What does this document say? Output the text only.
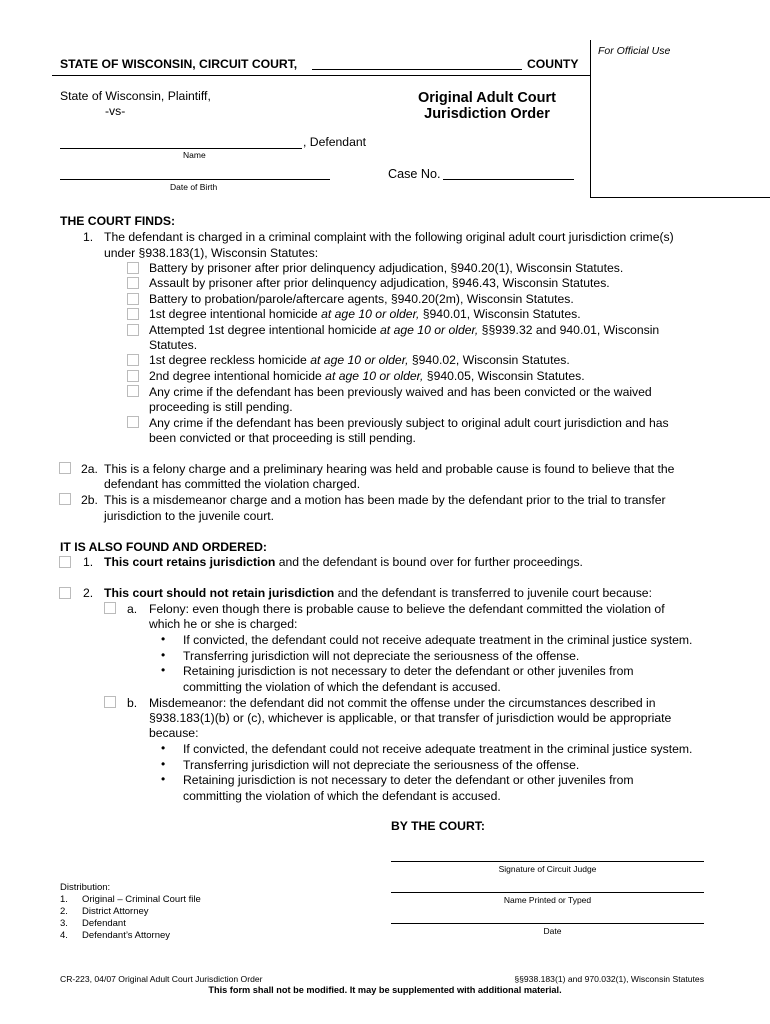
STATE OF WISCONSIN, CIRCUIT COURT,	COUNTY
For Official Use
State of Wisconsin, Plaintiff,
-vs-
, Defendant
Name
Date of Birth
Original Adult Court
Jurisdiction Order
Case No.
THE COURT FINDS:
1. The defendant is charged in a criminal complaint with the following original adult court jurisdiction crime(s)
under §938.183(1), Wisconsin Statutes:
Battery by prisoner after prior delinquency adjudication, §940.20(1), Wisconsin Statutes.
Assault by prisoner after prior delinquency adjudication, §946.43, Wisconsin Statutes.
Battery to probation/parole/aftercare agents, §940.20(2m), Wisconsin Statutes.
1st degree intentional homicide at age 10 or older, §940.01, Wisconsin Statutes.
Attempted 1st degree intentional homicide at age 10 or older, §§939.32 and 940.01, Wisconsin
Statutes.
1st degree reckless homicide at age 10 or older, §940.02, Wisconsin Statutes.
2nd degree intentional homicide at age 10 or older, §940.05, Wisconsin Statutes.
Any crime if the defendant has been previously waived and has been convicted or the waived
proceeding is still pending.
Any crime if the defendant has been previously subject to original adult court jurisdiction and has
been convicted or that proceeding is still pending.
2a. This is a felony charge and a preliminary hearing was held and probable cause is found to believe that the
defendant has committed the violation charged.
2b. This is a misdemeanor charge and a motion has been made by the defendant prior to the trial to transfer
jurisdiction to the juvenile court.
IT IS ALSO FOUND AND ORDERED:
1. This court retains jurisdiction and the defendant is bound over for further proceedings.
2. This court should not retain jurisdiction and the defendant is transferred to juvenile court because:
a. Felony: even though there is probable cause to believe the defendant committed the violation of
which he or she is charged:
• If convicted, the defendant could not receive adequate treatment in the criminal justice system.
• Transferring jurisdiction will not depreciate the seriousness of the offense.
• Retaining jurisdiction is not necessary to deter the defendant or other juveniles from
committing the violation of which the defendant is accused.
b. Misdemeanor: the defendant did not commit the offense under the circumstances described in
§938.183(1)(b) or (c), whichever is applicable, or that transfer of jurisdiction would be appropriate
because:
• If convicted, the defendant could not receive adequate treatment in the criminal justice system.
• Transferring jurisdiction will not depreciate the seriousness of the offense.
• Retaining jurisdiction is not necessary to deter the defendant or other juveniles from
committing the violation of which the defendant is accused.
BY THE COURT:
Signature of Circuit Judge
Name Printed or Typed
Date
Distribution:
1. Original – Criminal Court file
2. District Attorney
3. Defendant
4. Defendant’s Attorney
CR-223, 04/07 Original Adult Court Jurisdiction Order	§§938.183(1) and 970.032(1), Wisconsin Statutes
This form shall not be modified. It may be supplemented with additional material.
